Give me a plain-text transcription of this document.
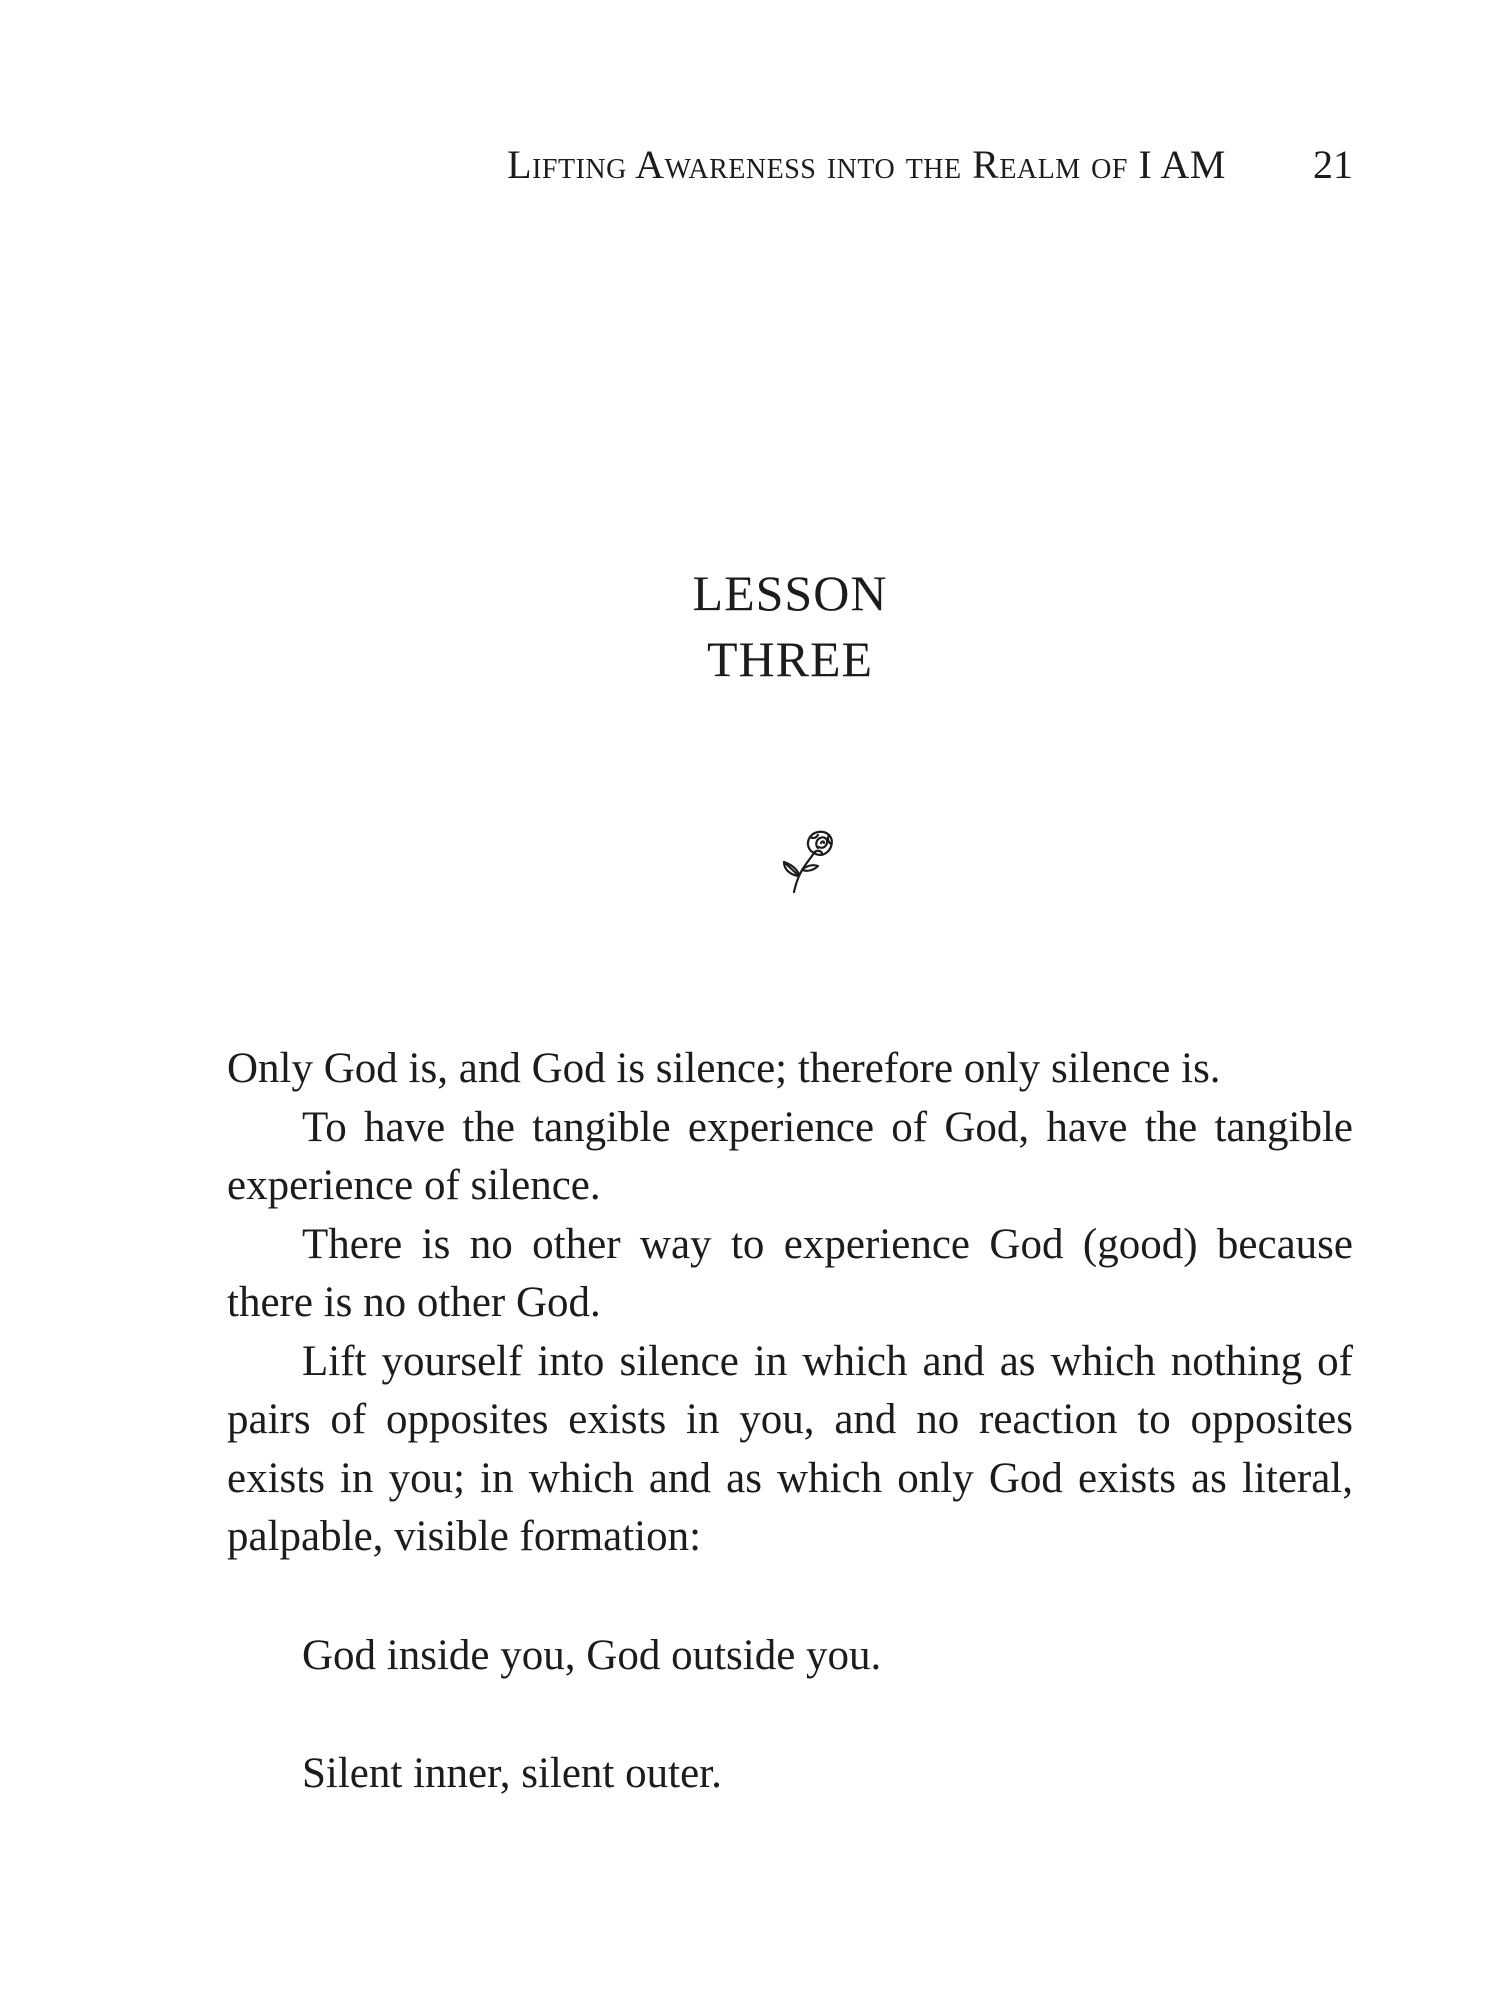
Lifting Awareness into the Realm of I AM 21
LESSON
THREE

Only God is, and God is silence; therefore only silence is.

To have the tangible experience of God, have the tangible experience of silence.

There is no other way to experience God (good) because there is no other God.

Lift yourself into silence in which and as which nothing of pairs of opposites exists in you, and no reaction to opposites exists in you; in which and as which only God exists as literal, palpable, visible formation:

God inside you, God outside you.

Silent inner, silent outer.
